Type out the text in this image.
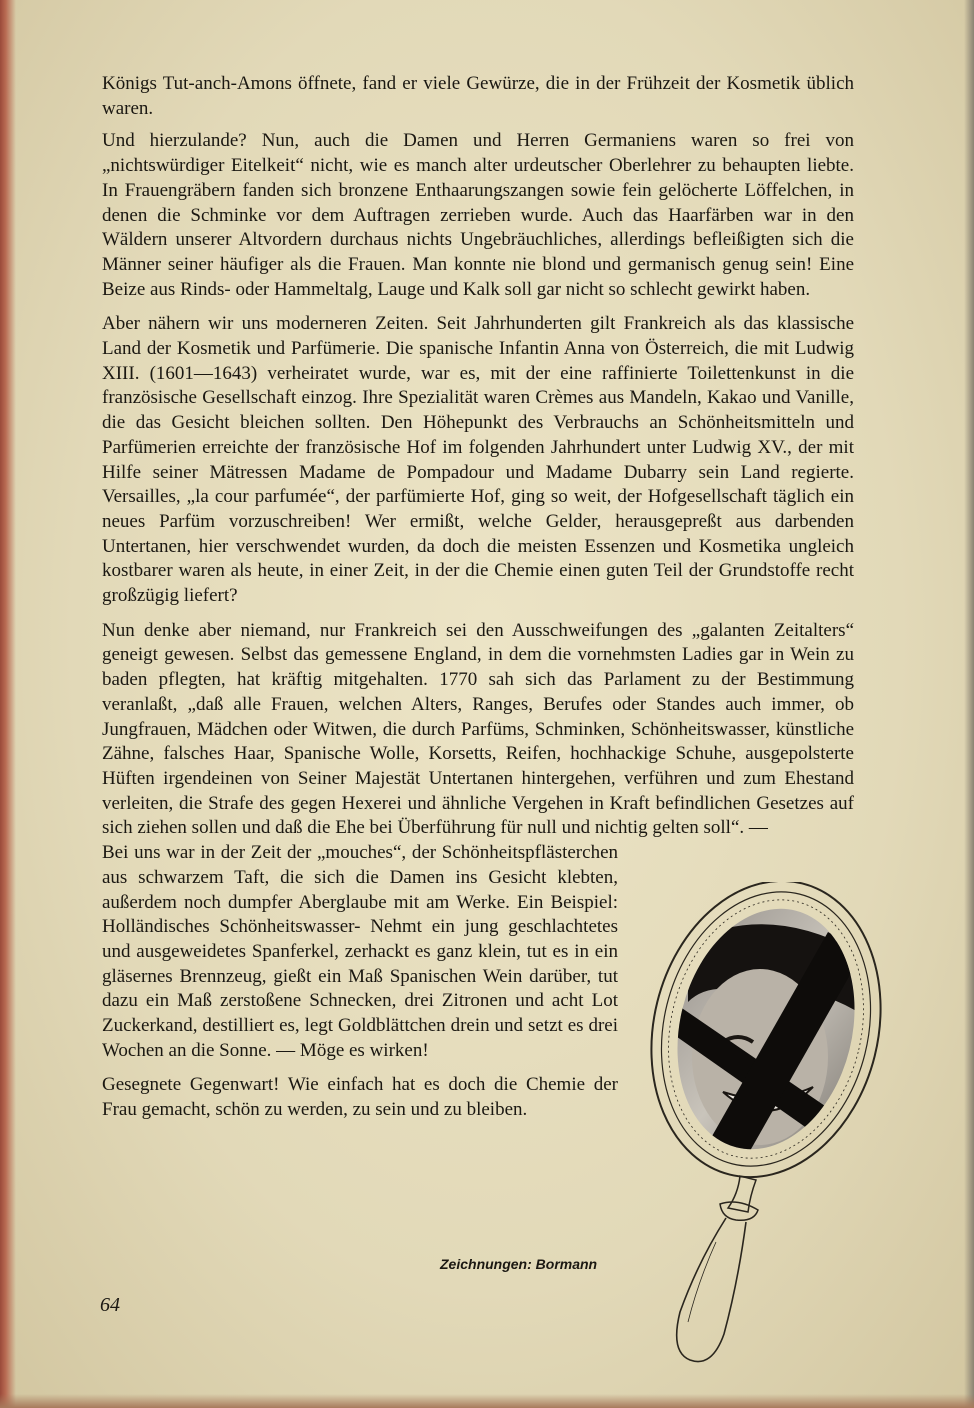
Königs Tut-anch-Amons öffnete, fand er viele Gewürze, die in der Frühzeit der Kosmetik üblich waren.

Und hierzulande? Nun, auch die Damen und Herren Germaniens waren so frei von „nichtswürdiger Eitelkeit“ nicht, wie es manch alter urdeutscher Oberlehrer zu behaupten liebte. In Frauengräbern fanden sich bronzene Enthaarungszangen sowie fein gelöcherte Löffelchen, in denen die Schminke vor dem Auftragen zerrieben wurde. Auch das Haarfärben war in den Wäldern unserer Altvordern durchaus nichts Ungebräuchliches, allerdings befleißigten sich die Männer seiner häufiger als die Frauen. Man konnte nie blond und germanisch genug sein! Eine Beize aus Rinds- oder Hammeltalg, Lauge und Kalk soll gar nicht so schlecht gewirkt haben.

Aber nähern wir uns moderneren Zeiten. Seit Jahrhunderten gilt Frankreich als das klassische Land der Kosmetik und Parfümerie. Die spanische Infantin Anna von Österreich, die mit Ludwig XIII. (1601—1643) verheiratet wurde, war es, mit der eine raffinierte Toilettenkunst in die französische Gesellschaft einzog. Ihre Spezialität waren Crèmes aus Mandeln, Kakao und Vanille, die das Gesicht bleichen sollten. Den Höhepunkt des Verbrauchs an Schönheitsmitteln und Parfümerien erreichte der französische Hof im folgenden Jahrhundert unter Ludwig XV., der mit Hilfe seiner Mätressen Madame de Pompadour und Madame Dubarry sein Land regierte. Versailles, „la cour parfumée“, der parfümierte Hof, ging so weit, der Hofgesellschaft täglich ein neues Parfüm vorzuschreiben! Wer ermißt, welche Gelder, herausgepreßt aus darbenden Untertanen, hier verschwendet wurden, da doch die meisten Essenzen und Kosmetika ungleich kostbarer waren als heute, in einer Zeit, in der die Chemie einen guten Teil der Grundstoffe recht großzügig liefert?

Nun denke aber niemand, nur Frankreich sei den Ausschweifungen des „galanten Zeitalters“ geneigt gewesen. Selbst das gemessene England, in dem die vornehmsten Ladies gar in Wein zu baden pflegten, hat kräftig mitgehalten. 1770 sah sich das Parlament zu der Bestimmung veranlaßt, „daß alle Frauen, welchen Alters, Ranges, Berufes oder Standes auch immer, ob Jungfrauen, Mädchen oder Witwen, die durch Parfüms, Schminken, Schönheitswasser, künstliche Zähne, falsches Haar, Spanische Wolle, Korsetts, Reifen, hochhackige Schuhe, ausgepolsterte Hüften irgendeinen von Seiner Majestät Untertanen hintergehen, verführen und zum Ehestand verleiten, die Strafe des gegen Hexerei und ähnliche Vergehen in Kraft befindlichen Gesetzes auf sich ziehen sollen und daß die Ehe bei Überführung für null und nichtig gelten soll“. —

Bei uns war in der Zeit der „mouches“, der Schönheitspflästerchen aus schwarzem Taft, die sich die Damen ins Gesicht klebten, außerdem noch dumpfer Aberglaube mit am Werke. Ein Beispiel: Holländisches Schönheitswasser- Nehmt ein jung geschlachtetes und ausgeweidetes Spanferkel, zerhackt es ganz klein, tut es in ein gläsernes Brennzeug, gießt ein Maß Spanischen Wein darüber, tut dazu ein Maß zerstoßene Schnecken, drei Zitronen und acht Lot Zuckerkand, destilliert es, legt Goldblättchen drein und setzt es drei Wochen an die Sonne. — Möge es wirken!

Gesegnete Gegenwart! Wie einfach hat es doch die Chemie der Frau gemacht, schön zu werden, zu sein und zu bleiben.

Zeichnungen: Bormann
64
